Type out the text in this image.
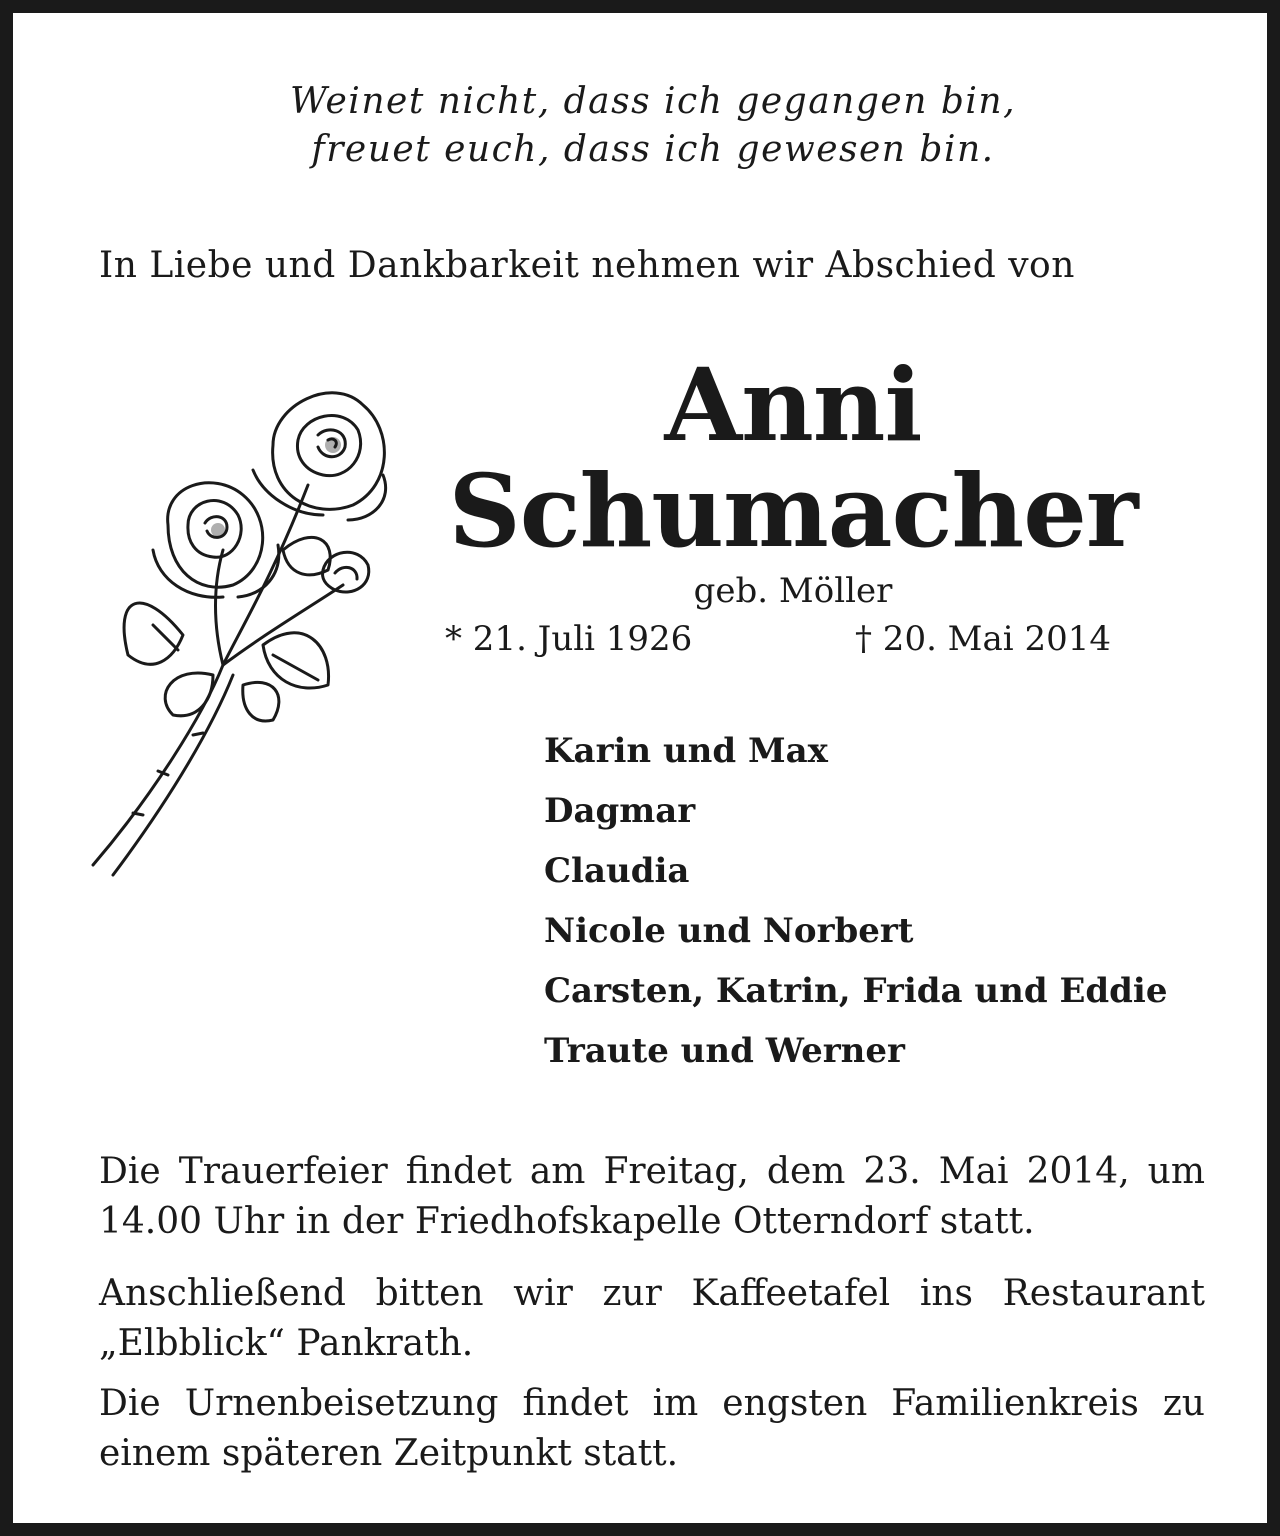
Weinet nicht, dass ich gegangen bin,
freuet euch, dass ich gewesen bin.
In Liebe und Dankbarkeit nehmen wir Abschied von
Anni
Schumacher
geb. Möller
* 21. Juli 1926	† 20. Mai 2014
Karin und Max
Dagmar
Claudia
Nicole und Norbert
Carsten, Katrin, Frida und Eddie
Traute und Werner
Die Trauerfeier findet am Freitag, dem 23. Mai 2014, um 14.00 Uhr in der Friedhofskapelle Otterndorf statt.
Anschließend bitten wir zur Kaffeetafel ins Restaurant „Elbblick“ Pankrath.
Die Urnenbeisetzung findet im engsten Familienkreis zu einem späteren Zeitpunkt statt.
